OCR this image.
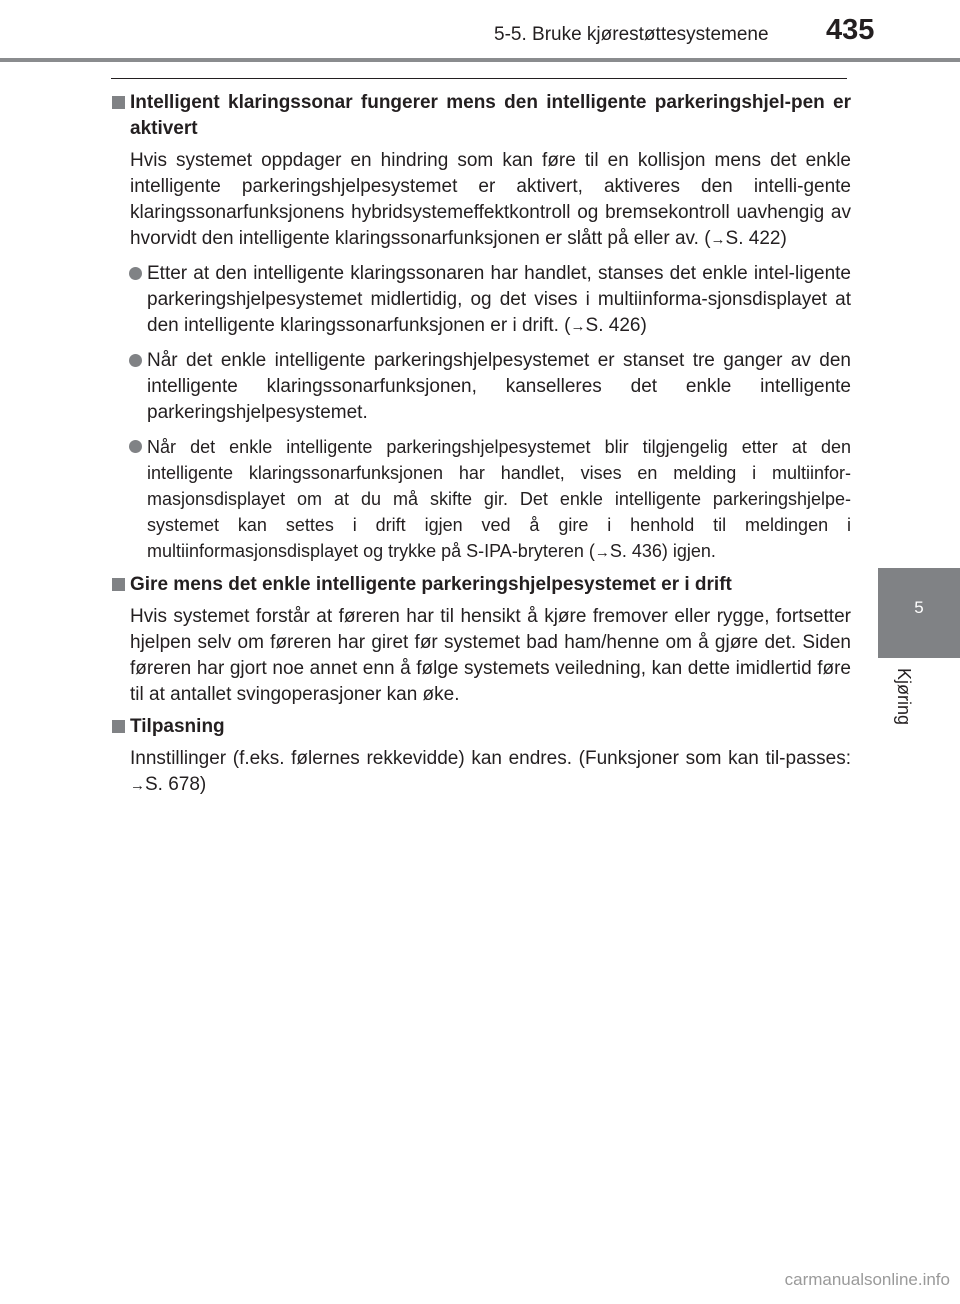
5-5. Bruke kjørestøttesystemene 435
5
Kjøring
Intelligent klaringssonar fungerer mens den intelligente parkeringshjel-pen er aktivert

Hvis systemet oppdager en hindring som kan føre til en kollisjon mens det enkle intelligente parkeringshjelpesystemet er aktivert, aktiveres den intelli-gente klaringssonarfunksjonens hybridsystemeffektkontroll og bremsekontroll uavhengig av hvorvidt den intelligente klaringssonarfunksjonen er slått på eller av. (→S. 422)

Etter at den intelligente klaringssonaren har handlet, stanses det enkle intel-ligente parkeringshjelpesystemet midlertidig, og det vises i multiinforma-sjonsdisplayet at den intelligente klaringssonarfunksjonen er i drift. (→S. 426)
Når det enkle intelligente parkeringshjelpesystemet er stanset tre ganger av den intelligente klaringssonarfunksjonen, kanselleres det enkle intelligente parkeringshjelpesystemet.
Når det enkle intelligente parkeringshjelpesystemet blir tilgjengelig etter at den intelligente klaringssonarfunksjonen har handlet, vises en melding i multiinfor-masjonsdisplayet om at du må skifte gir. Det enkle intelligente parkeringshjelpe-systemet kan settes i drift igjen ved å gire i henhold til meldingen i multiinformasjonsdisplayet og trykke på S-IPA-bryteren (→S. 436) igjen.
Gire mens det enkle intelligente parkeringshjelpesystemet er i drift

Hvis systemet forstår at føreren har til hensikt å kjøre fremover eller rygge, fortsetter hjelpen selv om føreren har giret før systemet bad ham/henne om å gjøre det. Siden føreren har gjort noe annet enn å følge systemets veiledning, kan dette imidlertid føre til at antallet svingoperasjoner kan øke.

Tilpasning

Innstillinger (f.eks. følernes rekkevidde) kan endres. (Funksjoner som kan til-passes: →S. 678)

carmanualsonline.info
